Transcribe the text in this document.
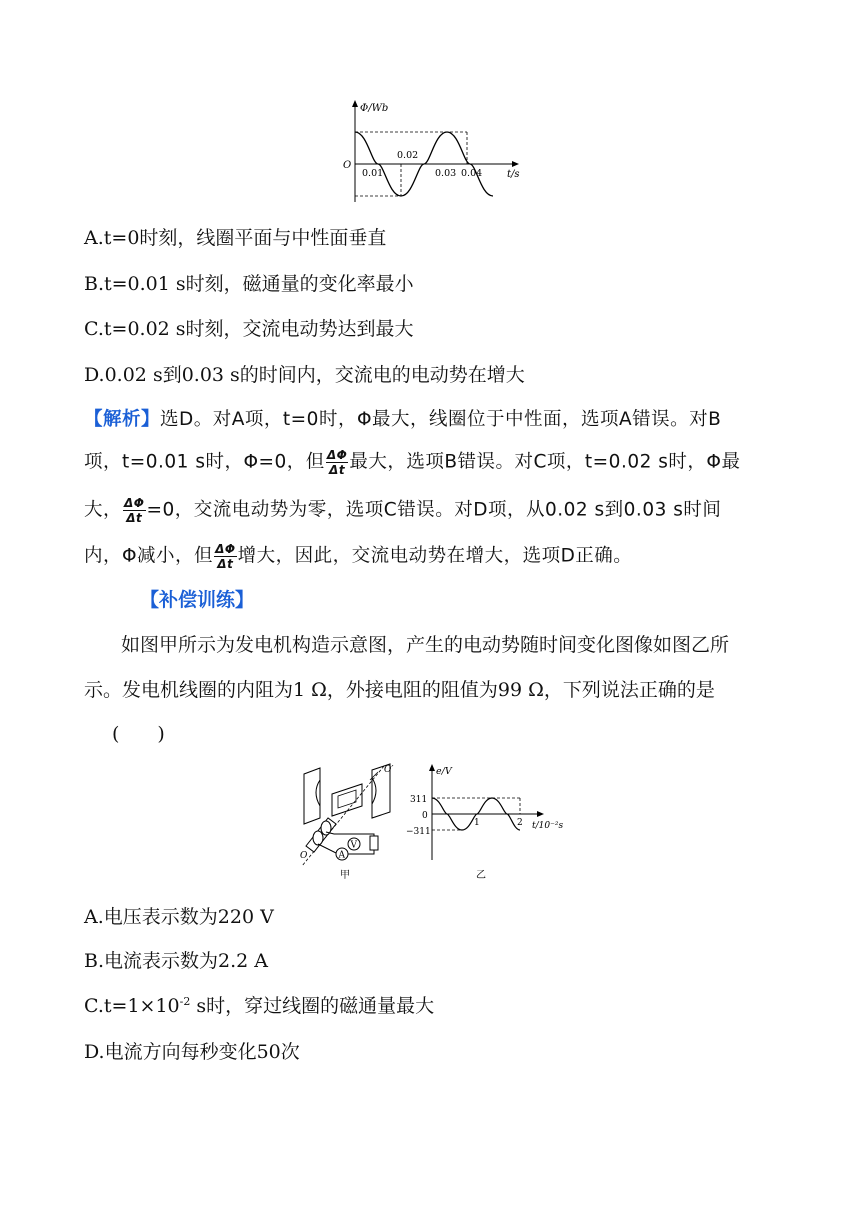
Φ/Wb
O
0.01
0.02
0.03 0.04 t/s
A.t=0时刻，线圈平面与中性面垂直
B.t=0.01 s时刻，磁通量的变化率最小
C.t=0.02 s时刻，交流电动势达到最大
D.0.02 s到0.03 s的时间内，交流电的电动势在增大
【解析】选D。对A项，t=0时，Φ最大，线圈位于中性面，选项A错误。对B
项，t=0.01 s时，Φ=0，但 $\frac{\Delta\Phi}{\Delta t}$ 最大，选项B错误。对C项，t=0.02 s时，Φ最
大， $\frac{\Delta\Phi}{\Delta t} =0$，交流电动势为零，选项C错误。对D项，从0.02 s到0.03 s时间
内，Φ减小，但 $\frac{\Delta\Phi}{\Delta t}$ 增大，因此，交流电动势在增大，选项D正确。
【补偿训练】
如图甲所示为发电机构造示意图，产生的电动势随时间变化图像如图乙所
示。发电机线圈的内阻为1 Ω，外接电阻的阻值为99 Ω，下列说法正确的是
(　　)
V
A
O′
O
甲
e/V
311
0
−311
1	2 t/10⁻²s
乙
A.电压表示数为220 V
B.电流表示数为2.2 A
$C.t=1\times 10^{-2}$ s时，穿过线圈的磁通量最大
D.电流方向每秒变化50次
